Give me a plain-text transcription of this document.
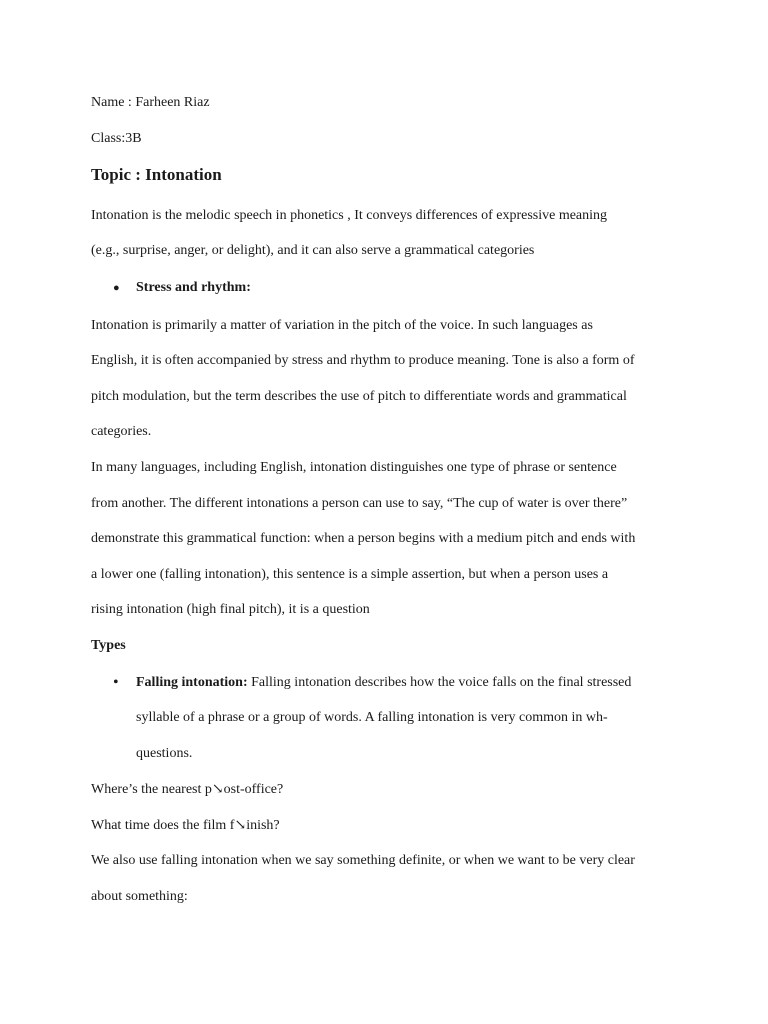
Name : Farheen Riaz
Class:3B
Topic : Intonation
Intonation is the melodic speech in phonetics , It conveys differences of expressive meaning
(e.g., surprise, anger, or delight), and it can also serve a grammatical categories
● Stress and rhythm:
Intonation is primarily a matter of variation in the pitch of the voice. In such languages as
English, it is often accompanied by stress and rhythm to produce meaning. Tone is also a form of
pitch modulation, but the term describes the use of pitch to differentiate words and grammatical
categories.
In many languages, including English, intonation distinguishes one type of phrase or sentence
from another. The different intonations a person can use to say, “The cup of water is over there”
demonstrate this grammatical function: when a person begins with a medium pitch and ends with
a lower one (falling intonation), this sentence is a simple assertion, but when a person uses a
rising intonation (high final pitch), it is a question
Types
• Falling intonation: Falling intonation describes how the voice falls on the final stressed
syllable of a phrase or a group of words. A falling intonation is very common in wh-
questions.
Where’s the nearest p↘ost-office?
What time does the film f↘inish?
We also use falling intonation when we say something definite, or when we want to be very clear
about something:
